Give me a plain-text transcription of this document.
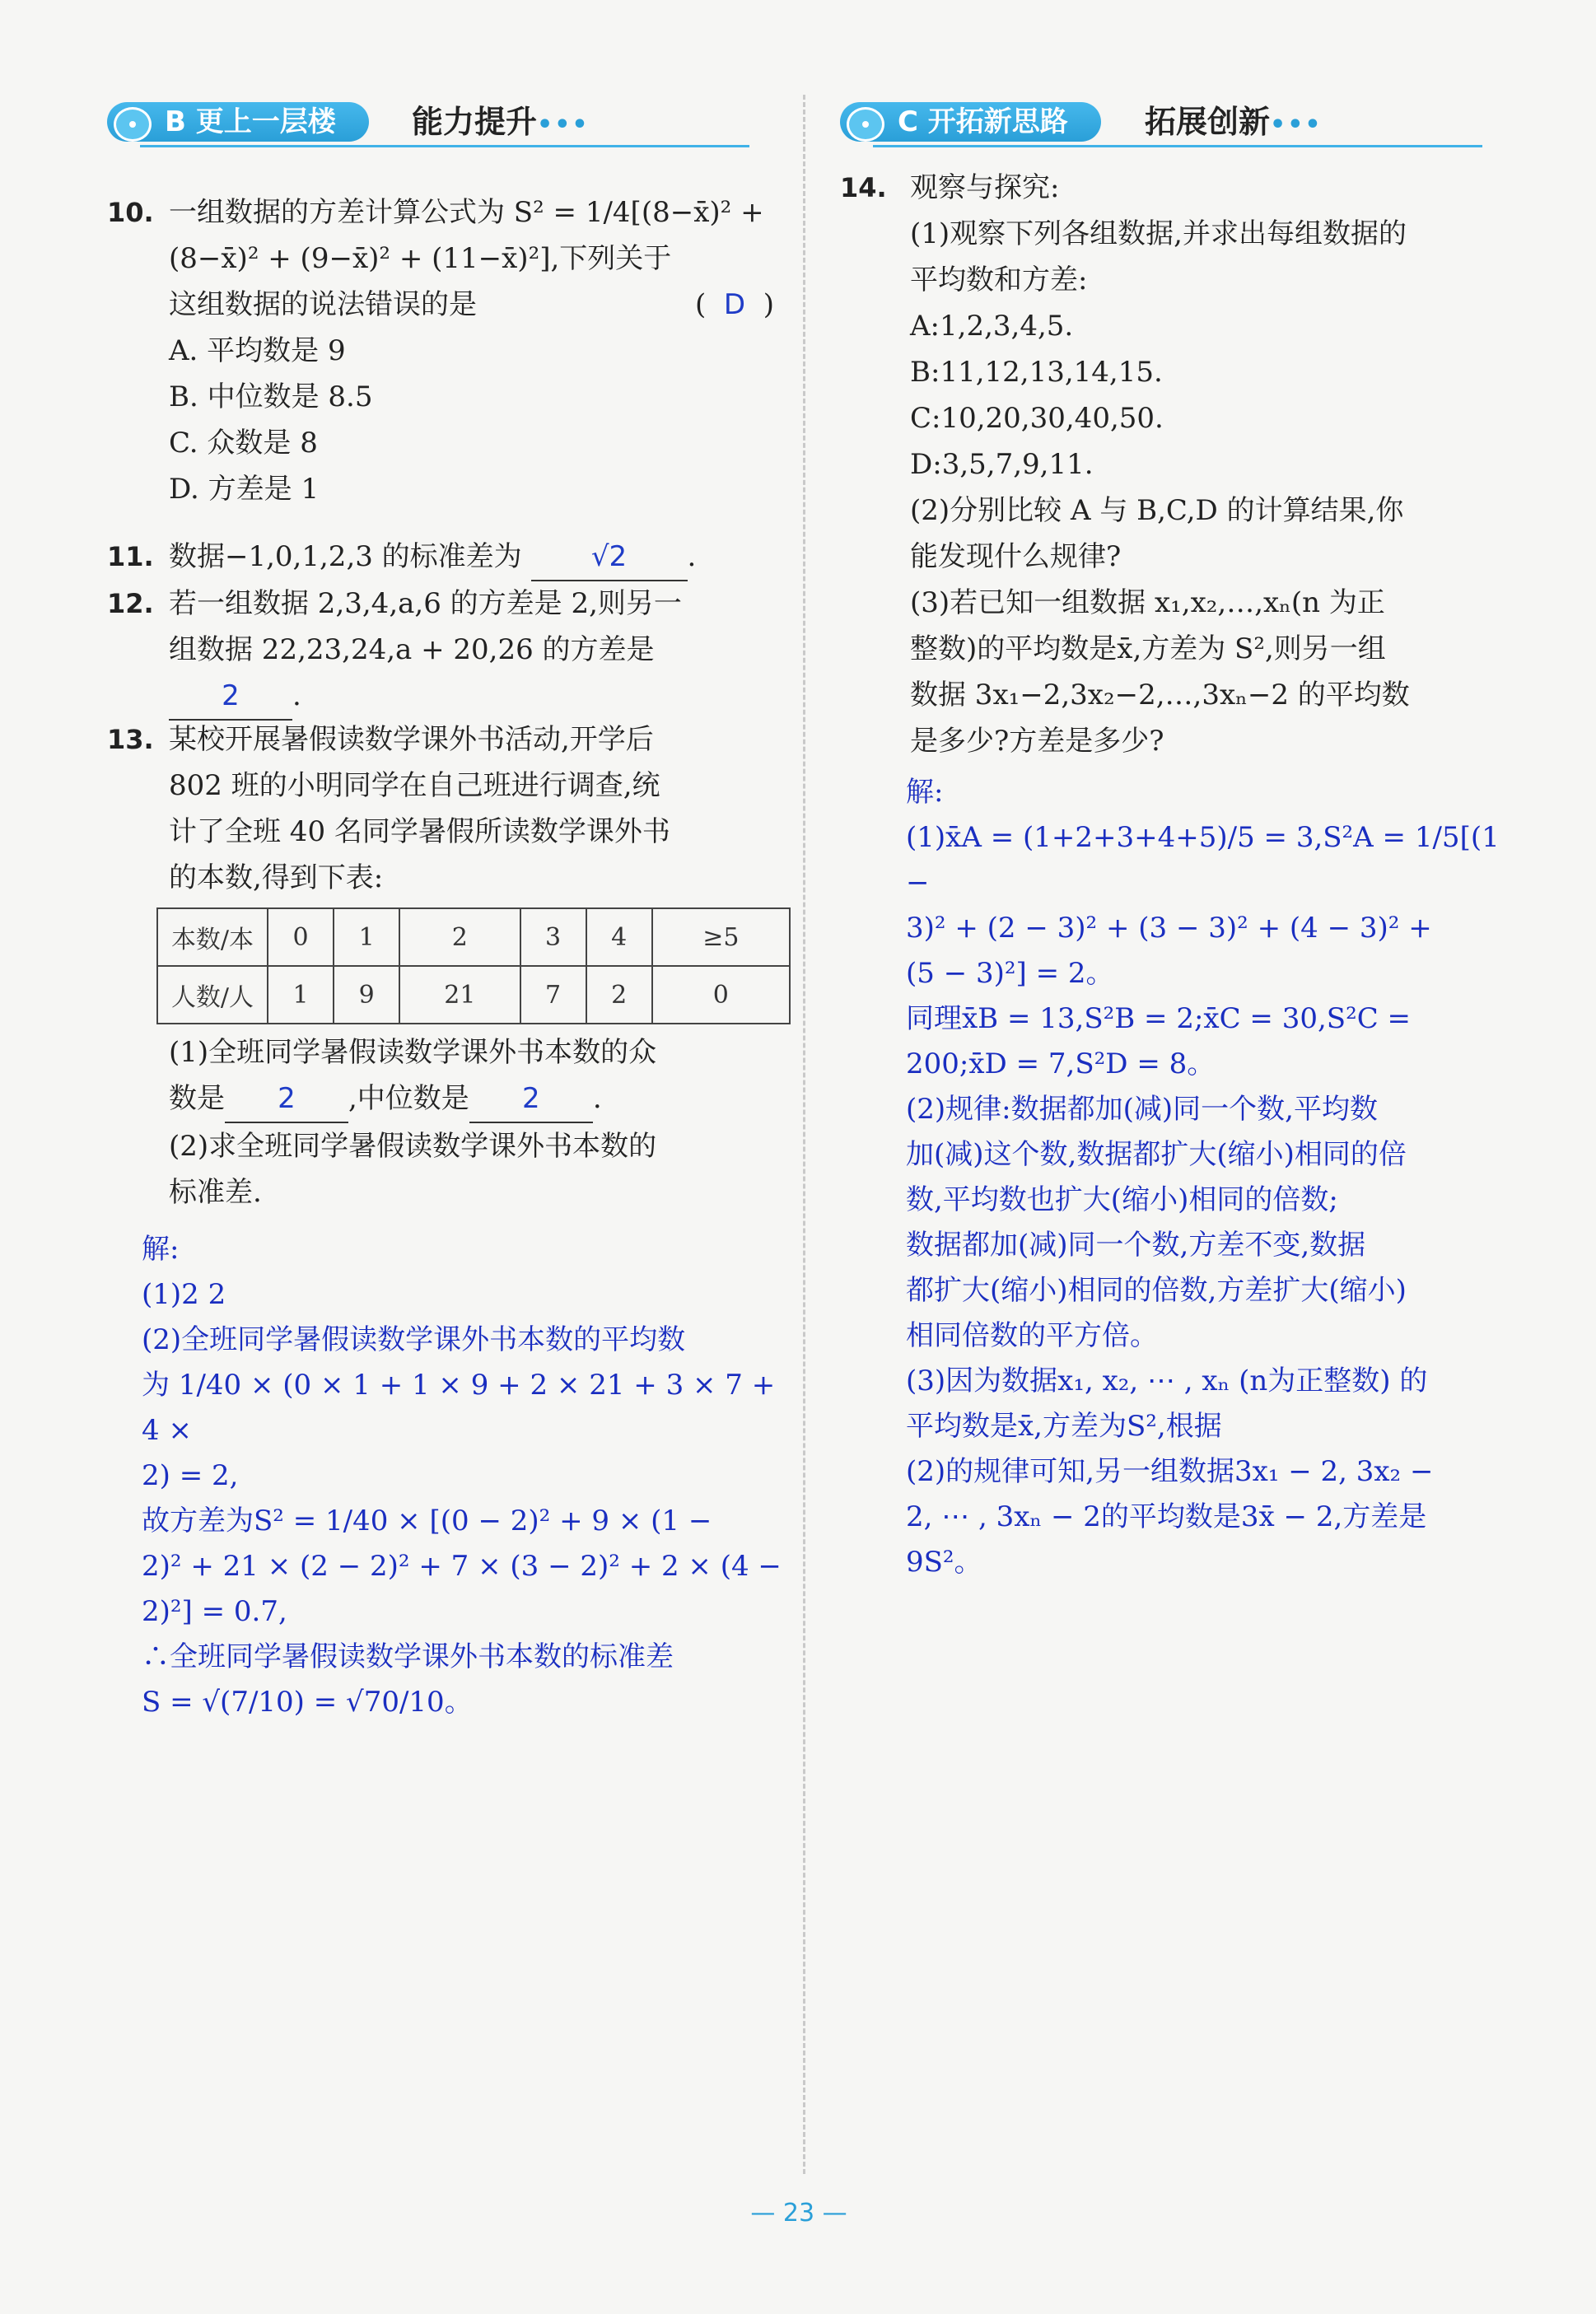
B 更上一层楼	能力提升•••	C 开拓新思路	拓展创新•••
10. 一组数据的方差计算公式为 S² = 1/4[(8−x̄)² +
(8−x̄)² + (9−x̄)² + (11−x̄)²],下列关于
这组数据的说法错误的是	(  D  )
A. 平均数是 9
B. 中位数是 8.5
C. 众数是 8
D. 方差是 1
11. 数据−1,0,1,2,3 的标准差为 √2 .
12. 若一组数据 2,3,4,a,6 的方差是 2,则另一
组数据 22,23,24,a + 20,26 的方差是
2 .
13. 某校开展暑假读数学课外书活动,开学后
802 班的小明同学在自己班进行调查,统
计了全班 40 名同学暑假所读数学课外书
的本数,得到下表:
本数/本	0	1	2	3	4	≥5
人数/人	1	9	21	7	2	0
(1)全班同学暑假读数学课外书本数的众
数是 2 ,中位数是 2 .
(2)求全班同学暑假读数学课外书本数的
标准差.
解:
(1)2 2
(2)全班同学暑假读数学课外书本数的平均数
为 1/40 × (0 × 1 + 1 × 9 + 2 × 21 + 3 × 7 + 4 ×
2) = 2,
故方差为S² = 1/40 × [(0 − 2)² + 9 × (1 −
2)² + 21 × (2 − 2)² + 7 × (3 − 2)² + 2 × (4 −
2)²] = 0.7,
∴全班同学暑假读数学课外书本数的标准差
S = √(7/10) = √70/10。
14. 观察与探究:
(1)观察下列各组数据,并求出每组数据的
平均数和方差:
A:1,2,3,4,5.
B:11,12,13,14,15.
C:10,20,30,40,50.
D:3,5,7,9,11.
(2)分别比较 A 与 B,C,D 的计算结果,你
能发现什么规律?
(3)若已知一组数据 x₁,x₂,…,xₙ(n 为正
整数)的平均数是x̄,方差为 S²,则另一组
数据 3x₁−2,3x₂−2,…,3xₙ−2 的平均数
是多少?方差是多少?
解:
(1)x̄A = (1+2+3+4+5)/5 = 3,S²A = 1/5[(1 −
3)² + (2 − 3)² + (3 − 3)² + (4 − 3)² +
(5 − 3)²] = 2。
同理x̄B = 13,S²B = 2;x̄C = 30,S²C =
200;x̄D = 7,S²D = 8。
(2)规律:数据都加(减)同一个数,平均数
加(减)这个数,数据都扩大(缩小)相同的倍
数,平均数也扩大(缩小)相同的倍数;
数据都加(减)同一个数,方差不变,数据
都扩大(缩小)相同的倍数,方差扩大(缩小)
相同倍数的平方倍。
(3)因为数据x₁, x₂, ⋯ , xₙ (n为正整数) 的
平均数是x̄,方差为S²,根据
(2)的规律可知,另一组数据3x₁ − 2, 3x₂ −
2, ⋯ , 3xₙ − 2的平均数是3x̄ − 2,方差是
9S²。
— 23 —
